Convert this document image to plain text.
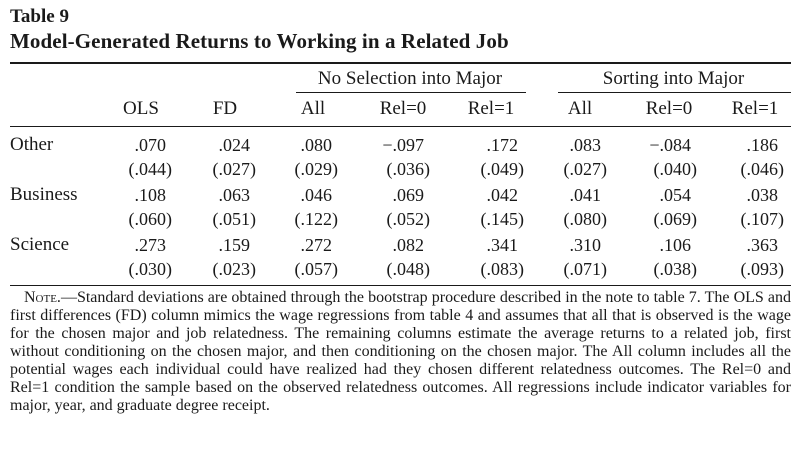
Table 9
Model-Generated Returns to Working in a Related Job
No Selection into Major	Sorting into Major
OLS	FD	All	Rel=0	Rel=1	All	Rel=0	Rel=1
Other	.070	.024	.080	−.097	.172	.083	−.084	.186
(.044)	(.027)	(.029)	(.036)	(.049)	(.027)	(.040)	(.046)
Business	.108	.063	.046	.069	.042	.041	.054	.038
(.060)	(.051)	(.122)	(.052)	(.145)	(.080)	(.069)	(.107)
Science	.273	.159	.272	.082	.341	.310	.106	.363
(.030)	(.023)	(.057)	(.048)	(.083)	(.071)	(.038)	(.093)
Note.—Standard deviations are obtained through the bootstrap procedure described in the note to table 7. The OLS and first differences (FD) column mimics the wage regressions from table 4 and assumes that all that is observed is the wage for the chosen major and job relatedness. The remaining columns estimate the average returns to a related job, first without conditioning on the chosen major, and then conditioning on the chosen major. The All column includes all the potential wages each individual could have realized had they chosen different relatedness outcomes. The Rel=0 and Rel=1 condition the sample based on the observed relatedness outcomes. All regressions include indicator variables for major, year, and graduate degree receipt.
